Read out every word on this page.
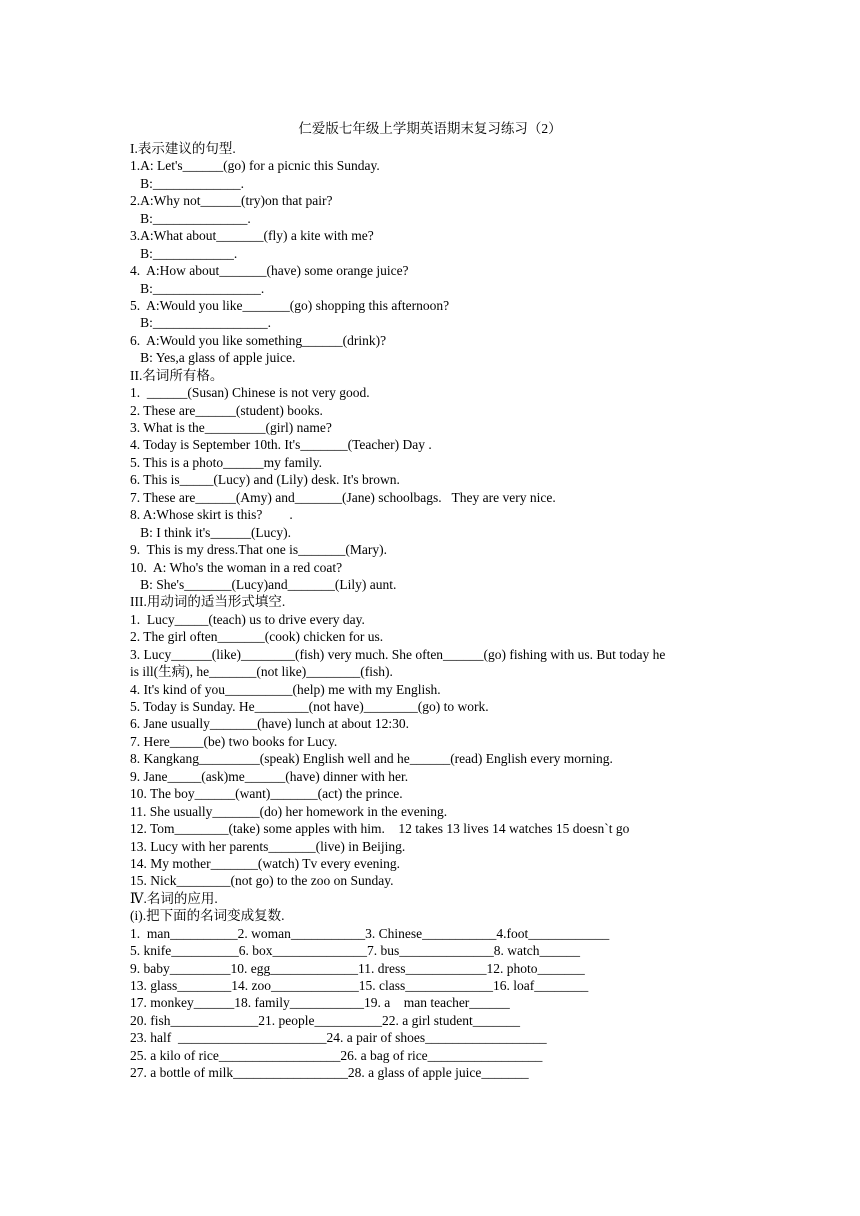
仁爱版七年级上学期英语期末复习练习（2）
I.表示建议的句型.
1.A: Let's______(go) for a picnic this Sunday.
B:_____________.
2.A:Why not______(try)on that pair?
B:______________.
3.A:What about_______(fly) a kite with me?
B:____________.
4.  A:How about_______(have) some orange juice?
B:________________.
5.  A:Would you like_______(go) shopping this afternoon?
B:_________________.
6.  A:Would you like something______(drink)?
B: Yes,a glass of apple juice.
II.名词所有格。
1.  ______(Susan) Chinese is not very good.
2. These are______(student) books.
3. What is the_________(girl) name?
4. Today is September 10th. It's_______(Teacher) Day .
5. This is a photo______my family.
6. This is_____(Lucy) and (Lily) desk. It's brown.
7. These are______(Amy) and_______(Jane) schoolbags.   They are very nice.
8. A:Whose skirt is this?        .
B: I think it's______(Lucy).
9.  This is my dress.That one is_______(Mary).
10.  A: Who's the woman in a red coat?
B: She's_______(Lucy)and_______(Lily) aunt.
III.用动词的适当形式填空.
1.  Lucy_____(teach) us to drive every day.
2. The girl often_______(cook) chicken for us.
3. Lucy______(like)________(fish) very much. She often______(go) fishing with us. But today he
is ill(生病), he_______(not like)________(fish).
4. It's kind of you__________(help) me with my English.
5. Today is Sunday. He________(not have)________(go) to work.
6. Jane usually_______(have) lunch at about 12:30.
7. Here_____(be) two books for Lucy.
8. Kangkang_________(speak) English well and he______(read) English every morning.
9. Jane_____(ask)me______(have) dinner with her.
10. The boy______(want)_______(act) the prince.
11. She usually_______(do) her homework in the evening.
12. Tom________(take) some apples with him.    12 takes 13 lives 14 watches 15 doesn`t go
13. Lucy with her parents_______(live) in Beijing.
14. My mother_______(watch) Tv every evening.
15. Nick________(not go) to the zoo on Sunday.
Ⅳ.名词的应用.
(i).把下面的名词变成复数.
1.  man__________2. woman___________3. Chinese___________4.foot____________
5. knife__________6. box______________7. bus______________8. watch______
9. baby_________10. egg_____________11. dress____________12. photo_______
13. glass________14. zoo_____________15. class_____________16. loaf________
17. monkey______18. family___________19. a    man teacher______
20. fish_____________21. people__________22. a girl student_______
23. half  ______________________24. a pair of shoes__________________
25. a kilo of rice__________________26. a bag of rice_________________
27. a bottle of milk_________________28. a glass of apple juice_______
